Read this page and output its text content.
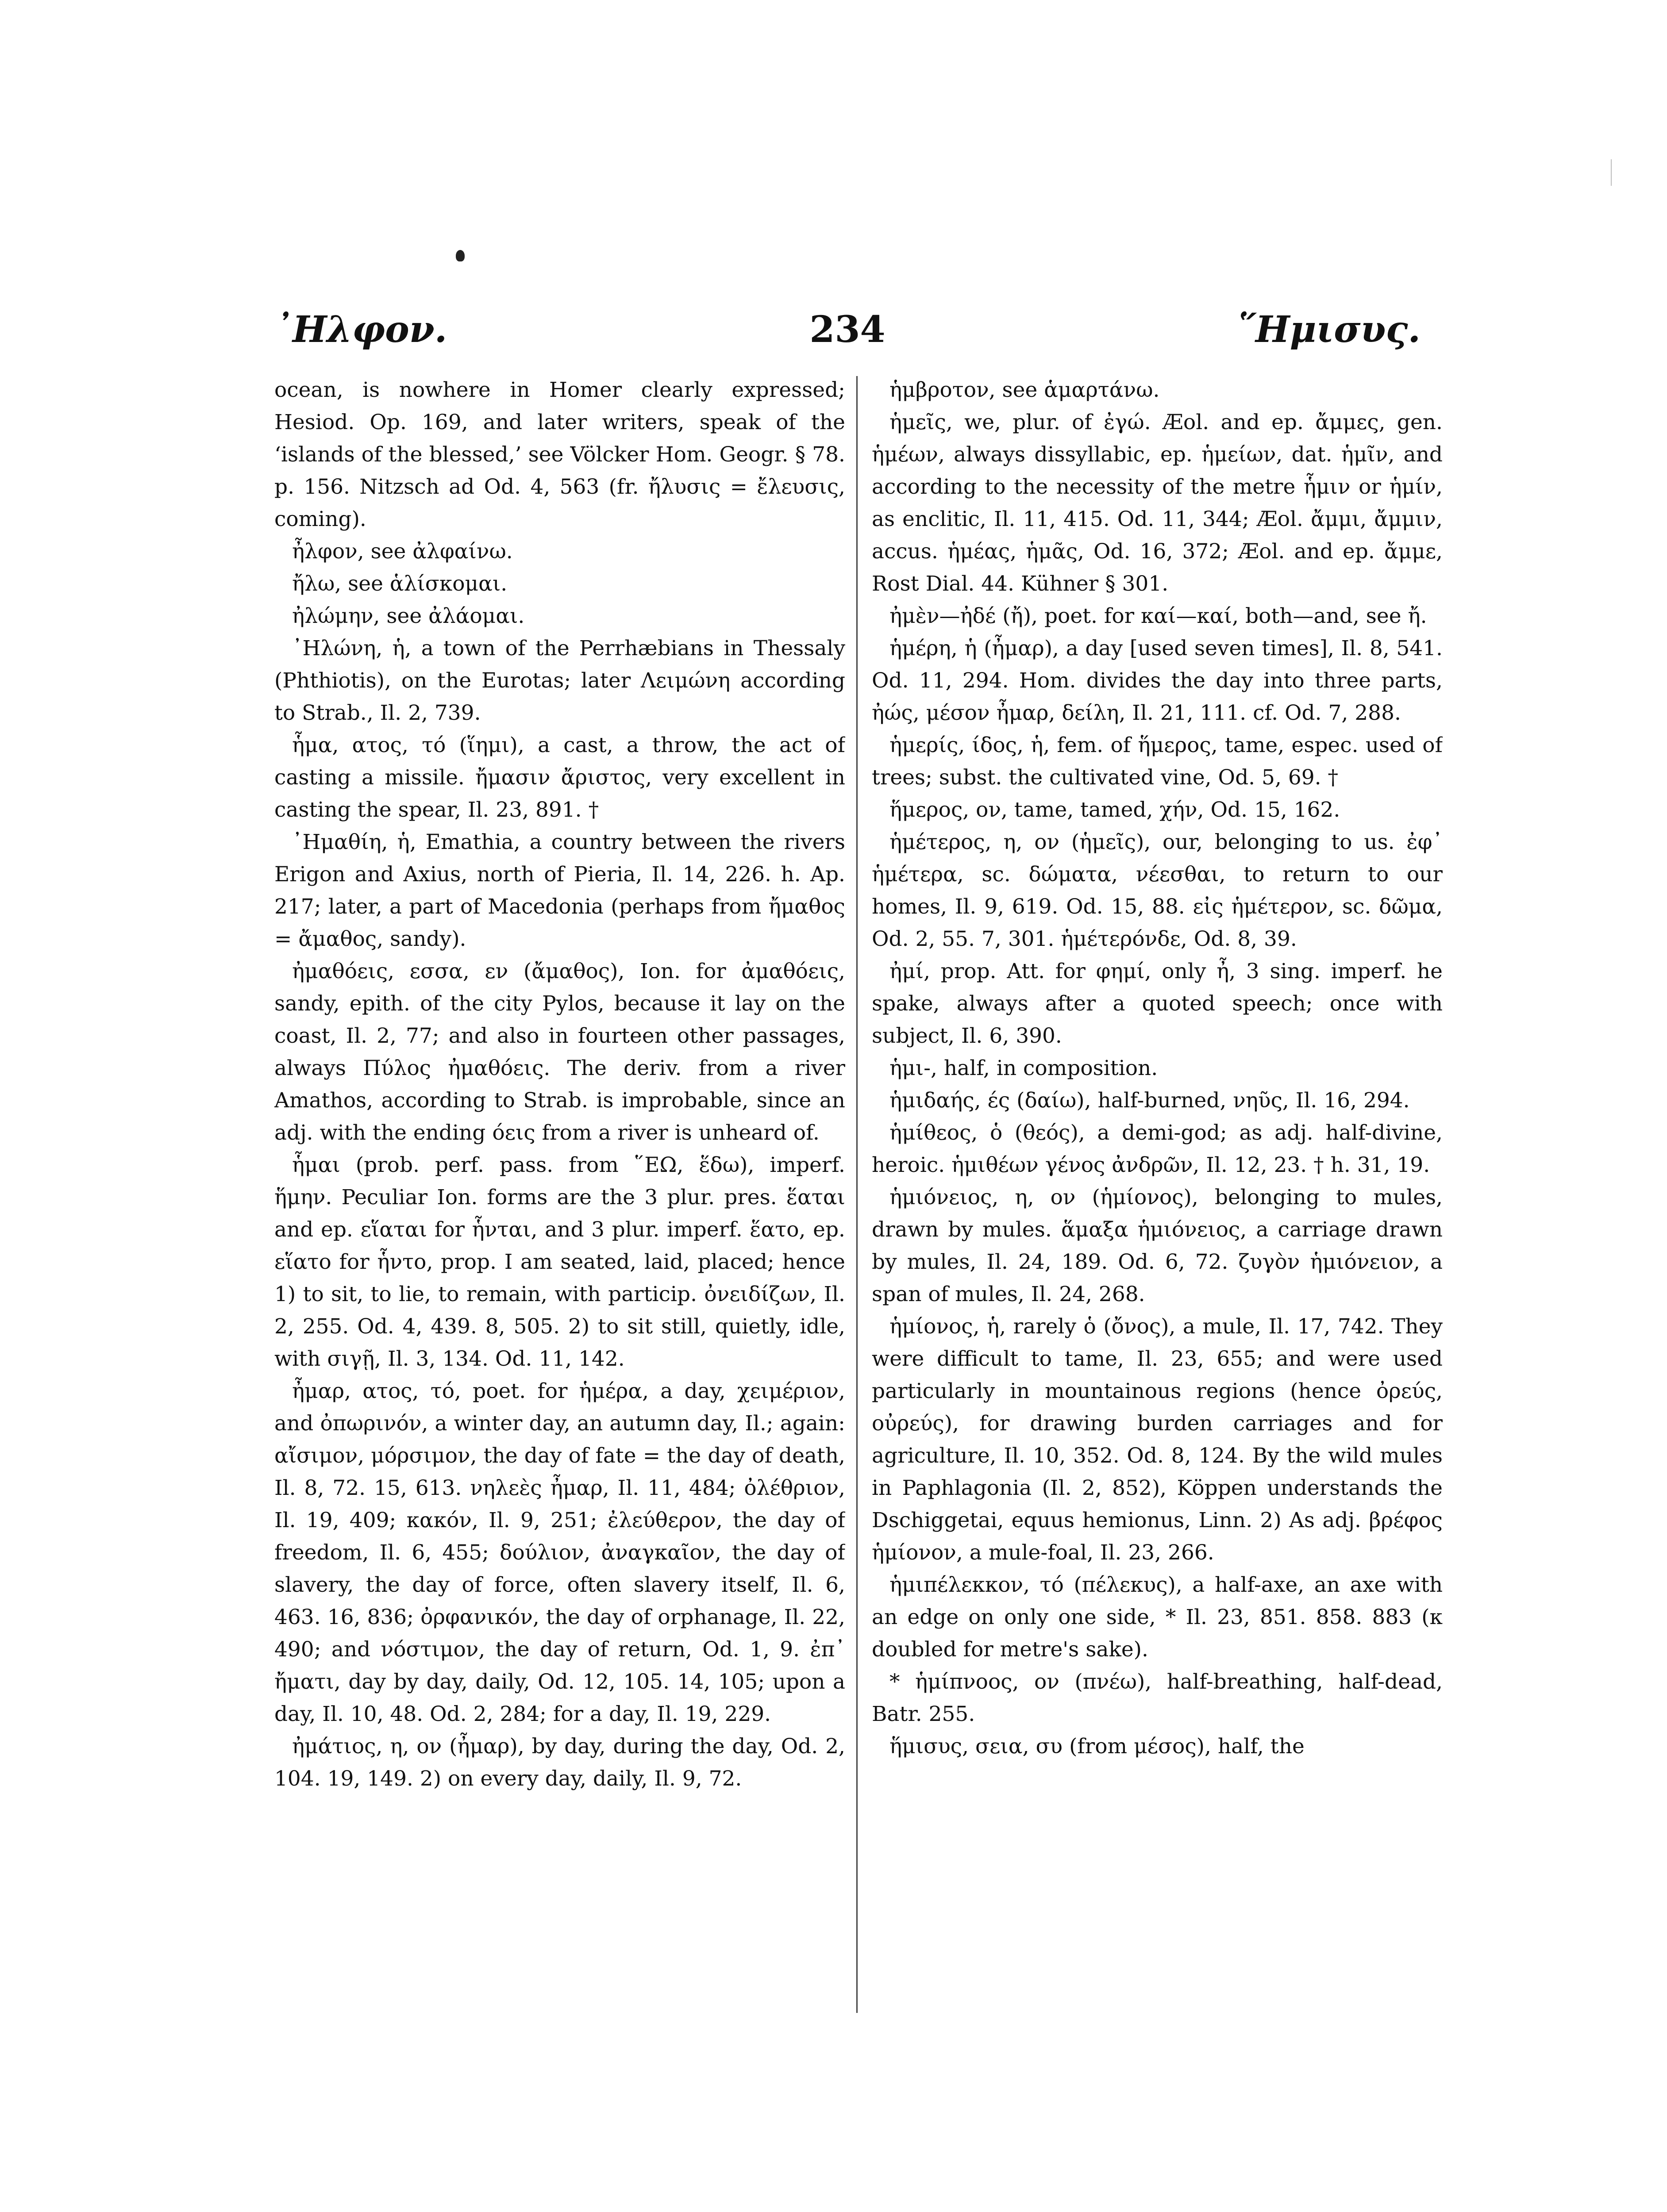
᾿Ηλφον.	234	῞Ημισυς.

ocean, is nowhere in Homer clearly expressed; Hesiod. Op. 169, and later writers, speak of the ‘islands of the blessed,’ see Völcker Hom. Geogr. § 78. p. 156. Nitzsch ad Od. 4, 563 (fr. ἤλυσις = ἔλευσις, coming).

ἦλφον, see ἀλφαίνω.

ἤλω, see ἁλίσκομαι.

ἠλώμην, see ἀλάομαι.

᾿Ηλώνη, ἡ, a town of the Perrhæbians in Thessaly (Phthiotis), on the Eurotas; later Λειμώνη according to Strab., Il. 2, 739.

ἧμα, ατος, τό (ἵημι), a cast, a throw, the act of casting a missile. ἤμασιν ἄριστος, very excellent in casting the spear, Il. 23, 891. †

᾿Ημαθίη, ἡ, Emathia, a country between the rivers Erigon and Axius, north of Pieria, Il. 14, 226. h. Ap. 217; later, a part of Macedonia (perhaps from ἤμαθος = ἄμαθος, sandy).

ἠμαθόεις, εσσα, εν (ἄμαθος), Ion. for ἀμαθόεις, sandy, epith. of the city Pylos, because it lay on the coast, Il. 2, 77; and also in fourteen other passages, always Πύλος ἠμαθόεις. The deriv. from a river Amathos, according to Strab. is improbable, since an adj. with the ending όεις from a river is unheard of.

ἧμαι (prob. perf. pass. from ῞ΕΩ, ἕδω), imperf. ἥμην. Peculiar Ion. forms are the 3 plur. pres. ἕαται and ep. εἵαται for ἧνται, and 3 plur. imperf. ἕατο, ep. εἵατο for ἧντο, prop. I am seated, laid, placed; hence 1) to sit, to lie, to remain, with particip. ὀνειδίζων, Il. 2, 255. Od. 4, 439. 8, 505. 2) to sit still, quietly, idle, with σιγῇ, Il. 3, 134. Od. 11, 142.

ἦμαρ, ατος, τό, poet. for ἡμέρα, a day, χειμέριον, and ὀπωρινόν, a winter day, an autumn day, Il.; again: αἴσιμον, μόρσιμον, the day of fate = the day of death, Il. 8, 72. 15, 613. νηλεὲς ἦμαρ, Il. 11, 484; ὀλέθριον, Il. 19, 409; κακόν, Il. 9, 251; ἐλεύθερον, the day of freedom, Il. 6, 455; δούλιον, ἀναγκαῖον, the day of slavery, the day of force, often slavery itself, Il. 6, 463. 16, 836; ὀρφανικόν, the day of orphanage, Il. 22, 490; and νόστιμον, the day of return, Od. 1, 9. ἐπ᾽ ἤματι, day by day, daily, Od. 12, 105. 14, 105; upon a day, Il. 10, 48. Od. 2, 284; for a day, Il. 19, 229.

ἠμάτιος, η, ον (ἦμαρ), by day, during the day, Od. 2, 104. 19, 149. 2) on every day, daily, Il. 9, 72.

ἡμβροτον, see ἁμαρτάνω.

ἡμεῖς, we, plur. of ἐγώ. Æol. and ep. ἄμμες, gen. ἡμέων, always dissyllabic, ep. ἡμείων, dat. ἡμῖν, and according to the necessity of the metre ἧμιν or ἡμίν, as enclitic, Il. 11, 415. Od. 11, 344; Æol. ἄμμι, ἄμμιν, accus. ἡμέας, ἡμᾶς, Od. 16, 372; Æol. and ep. ἄμμε, Rost Dial. 44. Kühner § 301.

ἠμὲν—ἠδέ (ἤ), poet. for καί—καί, both—and, see ἤ.

ἡμέρη, ἡ (ἦμαρ), a day [used seven times], Il. 8, 541. Od. 11, 294. Hom. divides the day into three parts, ἠώς, μέσον ἦμαρ, δείλη, Il. 21, 111. cf. Od. 7, 288.

ἡμερίς, ίδος, ἡ, fem. of ἥμερος, tame, espec. used of trees; subst. the cultivated vine, Od. 5, 69. †

ἥμερος, ον, tame, tamed, χήν, Od. 15, 162.

ἡμέτερος, η, ον (ἡμεῖς), our, belonging to us. ἐφ᾽ ἡμέτερα, sc. δώματα, νέεσθαι, to return to our homes, Il. 9, 619. Od. 15, 88. εἰς ἡμέτερον, sc. δῶμα, Od. 2, 55. 7, 301. ἡμέτερόνδε, Od. 8, 39.

ἠμί, prop. Att. for φημί, only ἦ, 3 sing. imperf. he spake, always after a quoted speech; once with subject, Il. 6, 390.

ἡμι-, half, in composition.

ἡμιδαής, ές (δαίω), half-burned, νηῦς, Il. 16, 294.

ἡμίθεος, ὁ (θεός), a demi-god; as adj. half-divine, heroic. ἡμιθέων γένος ἀνδρῶν, Il. 12, 23. † h. 31, 19.

ἡμιόνειος, η, ον (ἡμίονος), belonging to mules, drawn by mules. ἅμαξα ἡμιόνειος, a carriage drawn by mules, Il. 24, 189. Od. 6, 72. ζυγὸν ἡμιόνειον, a span of mules, Il. 24, 268.

ἡμίονος, ἡ, rarely ὁ (ὄνος), a mule, Il. 17, 742. They were difficult to tame, Il. 23, 655; and were used particularly in mountainous regions (hence ὀρεύς, οὐρεύς), for drawing burden carriages and for agriculture, Il. 10, 352. Od. 8, 124. By the wild mules in Paphlagonia (Il. 2, 852), Köppen understands the Dschiggetai, equus hemionus, Linn. 2) As adj. βρέφος ἡμίονον, a mule-foal, Il. 23, 266.

ἡμιπέλεκκον, τό (πέλεκυς), a half-axe, an axe with an edge on only one side, * Il. 23, 851. 858. 883 (κ doubled for metre's sake).

* ἡμίπνοος, ον (πνέω), half-breathing, half-dead, Batr. 255.

ἥμισυς, σεια, συ (from μέσος), half, the
